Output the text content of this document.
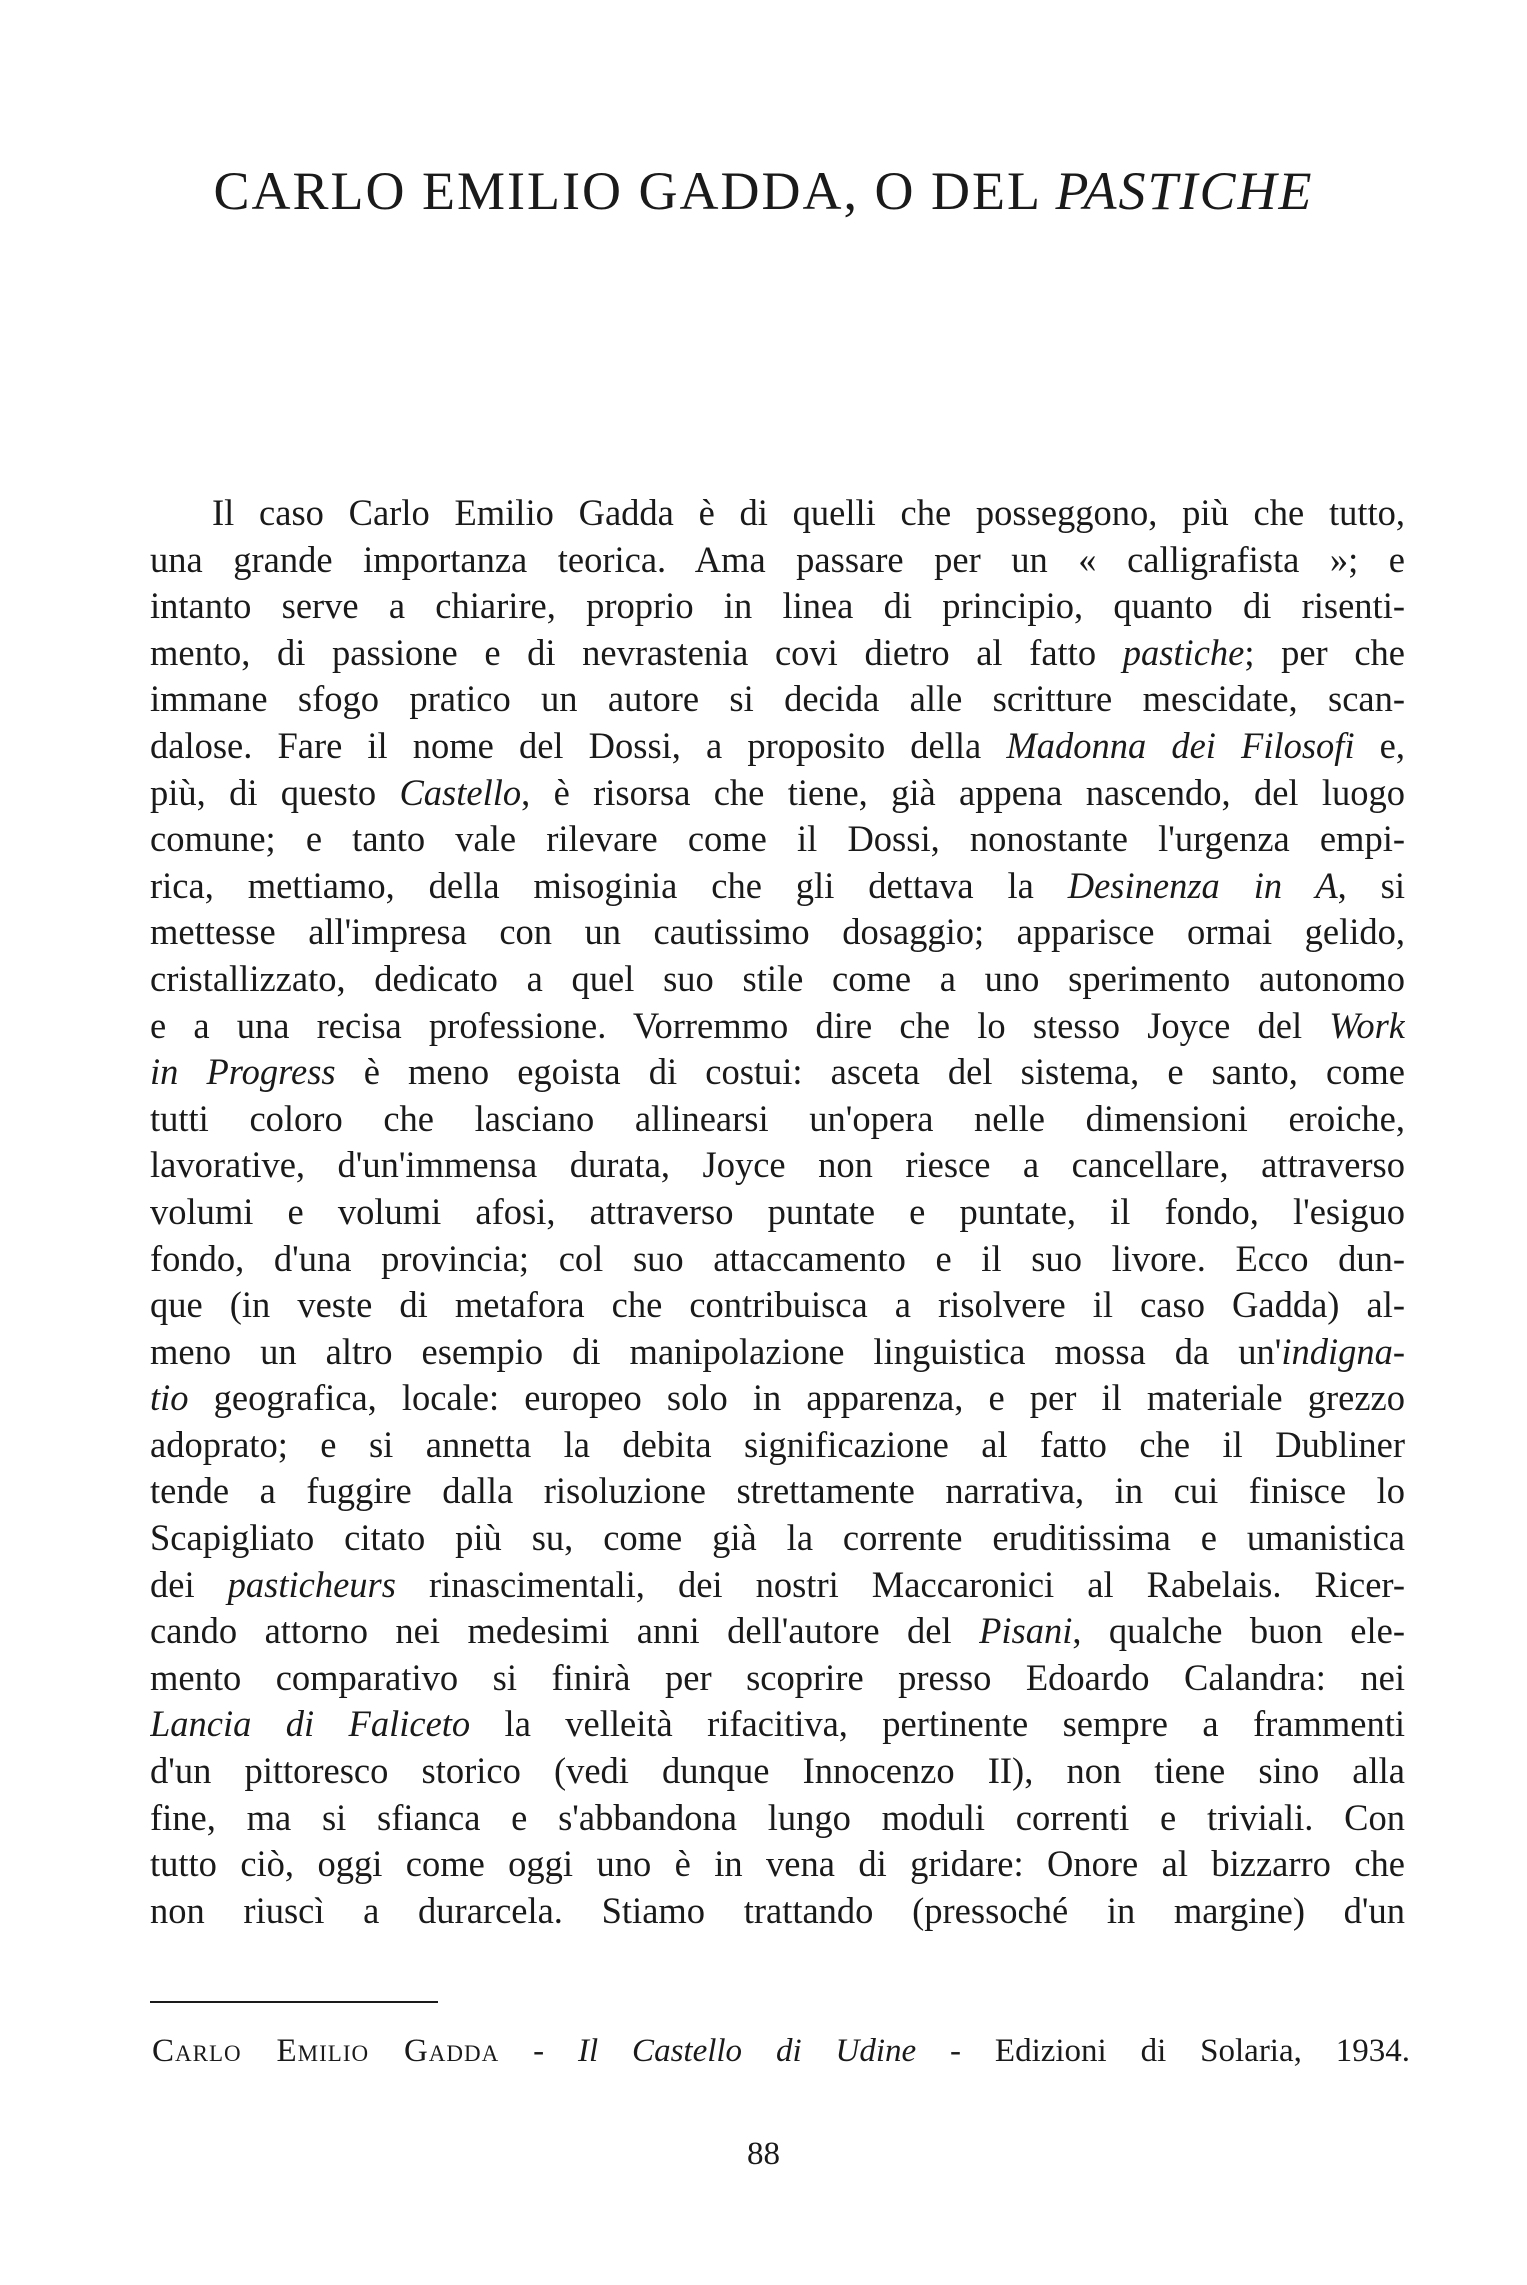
CARLO EMILIO GADDA, O DEL PASTICHE
Il caso Carlo Emilio Gadda è di quelli che posseggono, più che tutto,
una grande importanza teorica. Ama passare per un « calligrafista »; e
intanto serve a chiarire, proprio in linea di principio, quanto di risenti-
mento, di passione e di nevrastenia covi dietro al fatto pastiche; per che
immane sfogo pratico un autore si decida alle scritture mescidate, scan-
dalose. Fare il nome del Dossi, a proposito della Madonna dei Filosofi e,
più, di questo Castello, è risorsa che tiene, già appena nascendo, del luogo
comune; e tanto vale rilevare come il Dossi, nonostante l'urgenza empi-
rica, mettiamo, della misoginia che gli dettava la Desinenza in A, si
mettesse all'impresa con un cautissimo dosaggio; apparisce ormai gelido,
cristallizzato, dedicato a quel suo stile come a uno sperimento autonomo
e a una recisa professione. Vorremmo dire che lo stesso Joyce del Work
in Progress è meno egoista di costui: asceta del sistema, e santo, come
tutti coloro che lasciano allinearsi un'opera nelle dimensioni eroiche,
lavorative, d'un'immensa durata, Joyce non riesce a cancellare, attraverso
volumi e volumi afosi, attraverso puntate e puntate, il fondo, l'esiguo
fondo, d'una provincia; col suo attaccamento e il suo livore. Ecco dun-
que (in veste di metafora che contribuisca a risolvere il caso Gadda) al-
meno un altro esempio di manipolazione linguistica mossa da un'indigna-
tio geografica, locale: europeo solo in apparenza, e per il materiale grezzo
adoprato; e si annetta la debita significazione al fatto che il Dubliner
tende a fuggire dalla risoluzione strettamente narrativa, in cui finisce lo
Scapigliato citato più su, come già la corrente eruditissima e umanistica
dei pasticheurs rinascimentali, dei nostri Maccaronici al Rabelais. Ricer-
cando attorno nei medesimi anni dell'autore del Pisani, qualche buon ele-
mento comparativo si finirà per scoprire presso Edoardo Calandra: nei
Lancia di Faliceto la velleità rifacitiva, pertinente sempre a frammenti
d'un pittoresco storico (vedi dunque Innocenzo II), non tiene sino alla
fine, ma si sfianca e s'abbandona lungo moduli correnti e triviali. Con
tutto ciò, oggi come oggi uno è in vena di gridare: Onore al bizzarro che
non riuscì a durarcela. Stiamo trattando (pressoché in margine) d'un

Carlo Emilio Gadda - Il Castello di Udine - Edizioni di Solaria, 1934.

88
